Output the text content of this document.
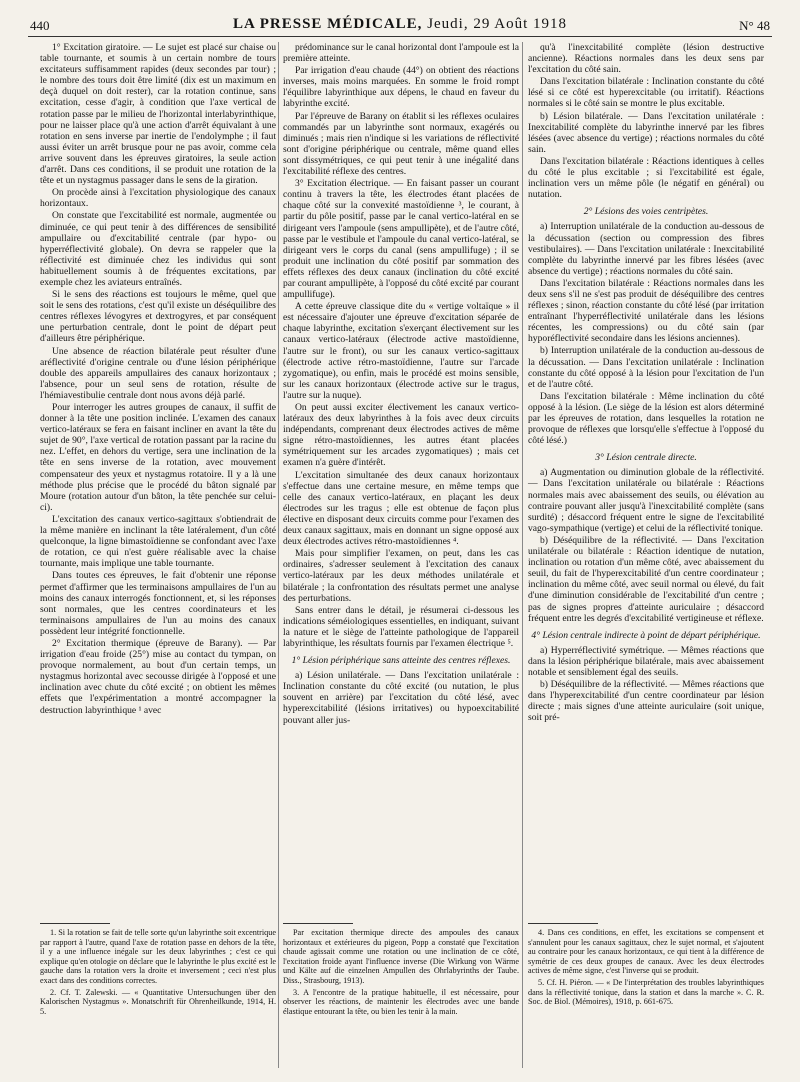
440	LA PRESSE MÉDICALE, Jeudi, 29 Août 1918	N° 48

1° Excitation giratoire. — Le sujet est placé sur chaise ou table tournante, et soumis à un certain nombre de tours excitateurs suffisamment rapides (deux secondes par tour) ; le nombre des tours doit être limité (dix est un maximum en deçà duquel on doit rester), car la rotation continue, sans excitation, cesse d'agir, à condition que l'axe vertical de rotation passe par le milieu de l'horizontal interlabyrinthique, pour ne laisser place qu'à une action d'arrêt équivalant à une rotation en sens inverse par inertie de l'endolymphe ; il faut aussi éviter un arrêt brusque pour ne pas avoir, comme cela arrive souvent dans les épreuves giratoires, la seule action d'arrêt. Dans ces conditions, il se produit une rotation de la tête et un nystagmus passager dans le sens de la giration.

On procède ainsi à l'excitation physiologique des canaux horizontaux.

On constate que l'excitabilité est normale, augmentée ou diminuée, ce qui peut tenir à des différences de sensibilité ampullaire ou d'excitabilité centrale (par hypo- ou hyperréflectivité globale). On devra se rappeler que la réflectivité est diminuée chez les individus qui sont habituellement soumis à de fréquentes excitations, par exemple chez les aviateurs entraînés.

Si le sens des réactions est toujours le même, quel que soit le sens des rotations, c'est qu'il existe un déséquilibre des centres réflexes lévogyres et dextrogyres, et par conséquent une perturbation centrale, dont le point de départ peut d'ailleurs être périphérique.

Une absence de réaction bilatérale peut résulter d'une aréflectivité d'origine centrale ou d'une lésion périphérique double des appareils ampullaires des canaux horizontaux ; l'absence, pour un seul sens de rotation, résulte de l'hémiavestibulie centrale dont nous avons déjà parlé.

Pour interroger les autres groupes de canaux, il suffit de donner à la tête une position inclinée. L'examen des canaux vertico-latéraux se fera en faisant incliner en avant la tête du sujet de 90°, l'axe vertical de rotation passant par la racine du nez. L'effet, en dehors du vertige, sera une inclination de la tête en sens inverse de la rotation, avec mouvement compensateur des yeux et nystagmus rotatoire. Il y a là une méthode plus précise que le procédé du bâton signalé par Moure (rotation autour d'un bâton, la tête penchée sur celui-ci).

L'excitation des canaux vertico-sagittaux s'obtiendrait de la même manière en inclinant la tête latéralement, d'un côté quelconque, la ligne bimastoïdienne se confondant avec l'axe de rotation, ce qui n'est guère réalisable avec la chaise tournante, mais implique une table tournante.

Dans toutes ces épreuves, le fait d'obtenir une réponse permet d'affirmer que les terminaisons ampullaires de l'un au moins des canaux interrogés fonctionnent, et, si les réponses sont normales, que les centres coordinateurs et les terminaisons ampullaires de l'un au moins des canaux possèdent leur intégrité fonctionnelle.

2° Excitation thermique (épreuve de Barany). — Par irrigation d'eau froide (25°) mise au contact du tympan, on provoque normalement, au bout d'un certain temps, un nystagmus horizontal avec secousse dirigée à l'opposé et une inclination avec chute du côté excité ; on obtient les mêmes effets que l'expérimentation a montré accompagner la destruction labyrinthique ¹ avec

prédominance sur le canal horizontal dont l'ampoule est la première atteinte.

Par irrigation d'eau chaude (44°) on obtient des réactions inverses, mais moins marquées. En somme le froid rompt l'équilibre labyrinthique aux dépens, le chaud en faveur du labyrinthe excité.

Par l'épreuve de Barany on établit si les réflexes oculaires commandés par un labyrinthe sont normaux, exagérés ou diminués ; mais rien n'indique si les variations de réflectivité sont d'origine périphérique ou centrale, même quand elles sont dissymétriques, ce qui peut tenir à une inégalité dans l'excitabilité réflexe des centres.

3° Excitation électrique. — En faisant passer un courant continu à travers la tête, les électrodes étant placées de chaque côté sur la convexité mastoïdienne ³, le courant, à partir du pôle positif, passe par le canal vertico-latéral en se dirigeant vers l'ampoule (sens ampullipète), et de l'autre côté, passe par le vestibule et l'ampoule du canal vertico-latéral, se dirigeant vers le corps du canal (sens ampullifuge) ; il se produit une inclination du côté positif par sommation des effets réflexes des deux canaux (inclination du côté excité par courant ampullipète, à l'opposé du côté excité par courant ampullifuge).

A cette épreuve classique dite du « vertige voltaïque » il est nécessaire d'ajouter une épreuve d'excitation séparée de chaque labyrinthe, excitation s'exerçant électivement sur les canaux vertico-latéraux (électrode active mastoïdienne, l'autre sur le front), ou sur les canaux vertico-sagittaux (électrode active rétro-mastoïdienne, l'autre sur l'arcade zygomatique), ou enfin, mais le procédé est moins sensible, sur les canaux horizontaux (électrode active sur le tragus, l'autre sur la nuque).

On peut aussi exciter électivement les canaux vertico-latéraux des deux labyrinthes à la fois avec deux circuits indépendants, comprenant deux électrodes actives de même signe rétro-mastoïdiennes, les autres étant placées symétriquement sur les arcades zygomatiques) ; mais cet examen n'a guère d'intérêt.

L'excitation simultanée des deux canaux horizontaux s'effectue dans une certaine mesure, en même temps que celle des canaux vertico-latéraux, en plaçant les deux électrodes sur les tragus ; elle est obtenue de façon plus élective en disposant deux circuits comme pour l'examen des deux canaux sagittaux, mais en donnant un signe opposé aux deux électrodes actives rétro-mastoïdiennes ⁴.

Mais pour simplifier l'examen, on peut, dans les cas ordinaires, s'adresser seulement à l'excitation des canaux vertico-latéraux par les deux méthodes unilatérale et bilatérale ; la confrontation des résultats permet une analyse des perturbations.

Sans entrer dans le détail, je résumerai ci-dessous les indications séméiologiques essentielles, en indiquant, suivant la nature et le siège de l'atteinte pathologique de l'appareil labyrinthique, les résultats fournis par l'examen électrique ⁵.

1° Lésion périphérique sans atteinte des centres réflexes.

a) Lésion unilatérale. — Dans l'excitation unilatérale : Inclination constante du côté excité (ou nutation, le plus souvent en arrière) par l'excitation du côté lésé, avec hyperexcitabilité (lésions irritatives) ou hypoexcitabilité pouvant aller jus-

qu'à l'inexcitabilité complète (lésion destructive ancienne). Réactions normales dans les deux sens par l'excitation du côté sain.

Dans l'excitation bilatérale : Inclination constante du côté lésé si ce côté est hyperexcitable (ou irritatif). Réactions normales si le côté sain se montre le plus excitable.

b) Lésion bilatérale. — Dans l'excitation unilatérale : Inexcitabilité complète du labyrinthe innervé par les fibres lésées (avec absence du vertige) ; réactions normales du côté sain.

Dans l'excitation bilatérale : Réactions identiques à celles du côté le plus excitable ; si l'excitabilité est égale, inclination vers un même pôle (le négatif en général) ou nutation.

2° Lésions des voies centripètes.

a) Interruption unilatérale de la conduction au-dessous de la décussation (section ou compression des fibres vestibulaires). — Dans l'excitation unilatérale : Inexcitabilité complète du labyrinthe innervé par les fibres lésées (avec absence du vertige) ; réactions normales du côté sain.

Dans l'excitation bilatérale : Réactions normales dans les deux sens s'il ne s'est pas produit de déséquilibre des centres réflexes ; sinon, réaction constante du côté lésé (par irritation entraînant l'hyperréflectivité unilatérale dans les lésions récentes, les compressions) ou du côté sain (par hyporéflectivité secondaire dans les lésions anciennes).

b) Interruption unilatérale de la conduction au-dessous de la décussation. — Dans l'excitation unilatérale : Inclination constante du côté opposé à la lésion pour l'excitation de l'un et de l'autre côté.

Dans l'excitation bilatérale : Même inclination du côté opposé à la lésion. (Le siège de la lésion est alors déterminé par les épreuves de rotation, dans lesquelles la rotation ne provoque de réflexes que lorsqu'elle s'effectue à l'opposé du côté lésé.)

3° Lésion centrale directe.

a) Augmentation ou diminution globale de la réflectivité. — Dans l'excitation unilatérale ou bilatérale : Réactions normales mais avec abaissement des seuils, ou élévation au contraire pouvant aller jusqu'à l'inexcitabilité complète (sans surdité) ; désaccord fréquent entre le signe de l'excitabilité vago-sympathique (vertige) et celui de la réflectivité tonique.

b) Déséquilibre de la réflectivité. — Dans l'excitation unilatérale ou bilatérale : Réaction identique de nutation, inclination ou rotation d'un même côté, avec abaissement du seuil, du fait de l'hyperexcitabilité d'un centre coordinateur ; inclination du même côté, avec seuil normal ou élevé, du fait d'une diminution considérable de l'excitabilité d'un centre ; pas de signes propres d'atteinte auriculaire ; désaccord fréquent entre les degrés d'excitabilité vertigineuse et réflexe.

4° Lésion centrale indirecte à point de départ périphérique.

a) Hyperréflectivité symétrique. — Mêmes réactions que dans la lésion périphérique bilatérale, mais avec abaissement notable et sensiblement égal des seuils.

b) Déséquilibre de la réflectivité. — Mêmes réactions que dans l'hyperexcitabilité d'un centre coordinateur par lésion directe ; mais signes d'une atteinte auriculaire (soit unique, soit pré-

1. Si la rotation se fait de telle sorte qu'un labyrinthe soit excentrique par rapport à l'autre, quand l'axe de rotation passe en dehors de la tête, il y a une influence inégale sur les deux labyrinthes ; c'est ce qui explique qu'en otologie on déclare que le labyrinthe le plus excité est le gauche dans la rotation vers la droite et inversement ; ceci n'est plus exact dans des conditions correctes.

2. Cf. T. Zalewski. — « Quantitative Untersuchungen über den Kalorischen Nystagmus ». Monatschrift für Ohrenheilkunde, 1914, H. 5.

Par excitation thermique directe des ampoules des canaux horizontaux et extérieures du pigeon, Popp a constaté que l'excitation chaude agissait comme une rotation ou une inclination de ce côté, l'excitation froide ayant l'influence inverse (Die Wirkung von Wärme und Kälte auf die einzelnen Ampullen des Ohrlabyrinths der Taube. Diss., Strasbourg, 1913).

3. A l'encontre de la pratique habituelle, il est nécessaire, pour observer les réactions, de maintenir les électrodes avec une bande élastique entourant la tête, ou bien les tenir à la main.

4. Dans ces conditions, en effet, les excitations se compensent et s'annulent pour les canaux sagittaux, chez le sujet normal, et s'ajoutent au contraire pour les canaux horizontaux, ce qui tient à la différence de symétrie de ces deux groupes de canaux. Avec les deux électrodes actives de même signe, c'est l'inverse qui se produit.

5. Cf. H. Piéron. — « De l'interprétation des troubles labyrinthiques dans la réflectivité tonique, dans la station et dans la marche ». C. R. Soc. de Biol. (Mémoires), 1918, p. 661-675.
